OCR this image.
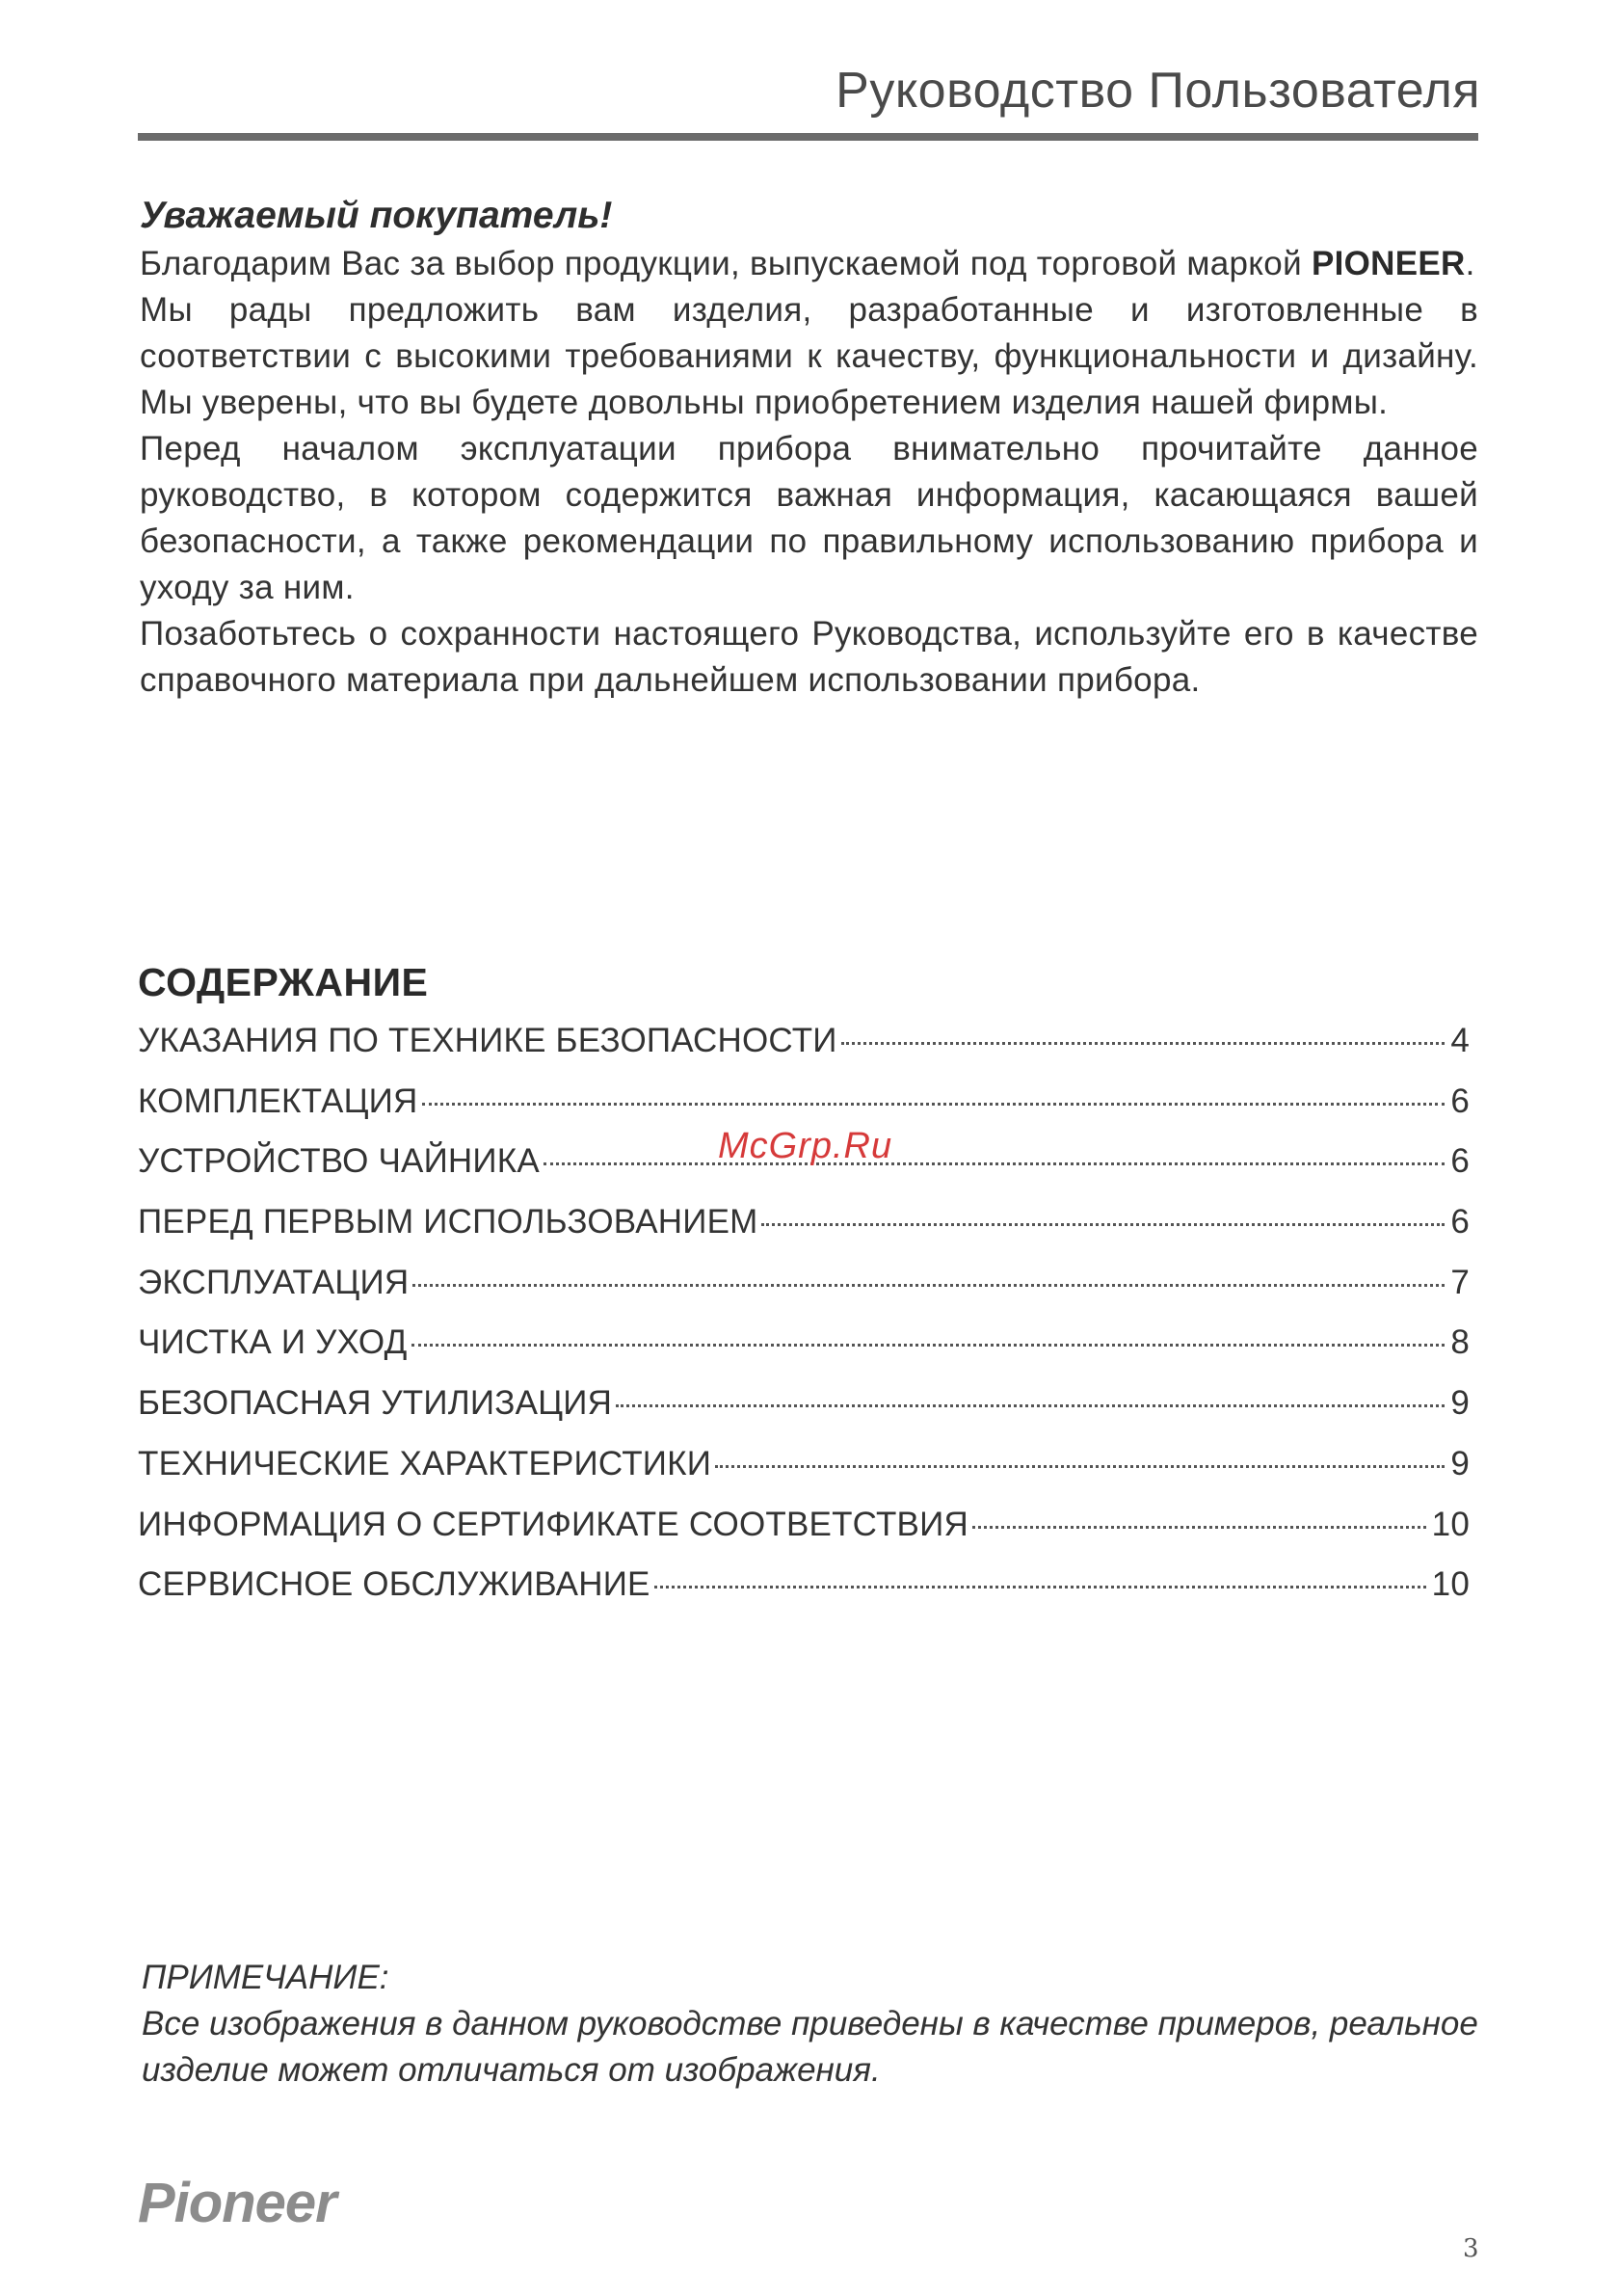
Руководство Пользователя
Уважаемый покупатель!
Благодарим Вас за выбор продукции, выпускаемой под торговой маркой PIONEER.
Мы рады предложить вам изделия, разработанные и изготовленные в соответствии с высокими требованиями к качеству, функциональности и дизайну. Мы уверены, что вы будете довольны приобретением изделия нашей фирмы.
Перед началом эксплуатации прибора внимательно прочитайте данное руководство, в котором содержится важная информация, касающаяся вашей безопасности, а также рекомендации по правильному использованию прибора и уходу за ним.
Позаботьтесь о сохранности настоящего Руководства, используйте его в качестве справочного материала при дальнейшем использовании прибора.
СОДЕРЖАНИЕ
УКАЗАНИЯ ПО ТЕХНИКЕ БЕЗОПАСНОСТИ	4
КОМПЛЕКТАЦИЯ	6
УСТРОЙСТВО ЧАЙНИКА	6
ПЕРЕД ПЕРВЫМ ИСПОЛЬЗОВАНИЕМ	6
ЭКСПЛУАТАЦИЯ	7
ЧИСТКА И УХОД	8
БЕЗОПАСНАЯ УТИЛИЗАЦИЯ	9
ТЕХНИЧЕСКИЕ ХАРАКТЕРИСТИКИ	9
ИНФОРМАЦИЯ О СЕРТИФИКАТЕ СООТВЕТСТВИЯ	10
СЕРВИСНОЕ ОБСЛУЖИВАНИЕ	10
McGrp.Ru
ПРИМЕЧАНИЕ:
Все изображения в данном руководстве приведены в качестве примеров, реальное изделие может отличаться от изображения.
Pioneer
3
